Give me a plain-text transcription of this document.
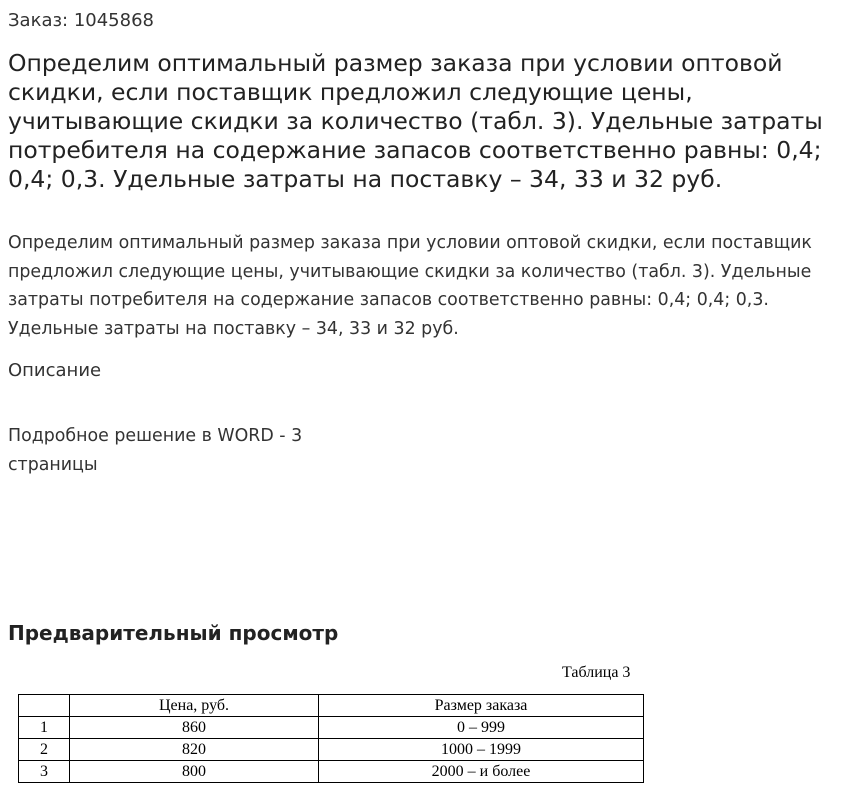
Заказ: 1045868
Определим оптимальный размер заказа при условии оптовой скидки, если поставщик предложил следующие цены, учитывающие скидки за количество (табл. 3). Удельные затраты потребителя на содержание запасов соответственно равны: 0,4; 0,4; 0,3. Удельные затраты на поставку – 34, 33 и 32 руб.

Определим оптимальный размер заказа при условии оптовой скидки, если поставщик предложил следующие цены, учитывающие скидки за количество (табл. 3). Удельные затраты потребителя на содержание запасов соответственно равны: 0,4; 0,4; 0,3. Удельные затраты на поставку – 34, 33 и 32 руб.

Описание
Подробное решение в WORD - 3 страницы
Предварительный просмотр
Таблица 3
	Цена, руб.	Размер заказа
1	860	0 – 999
2	820	1000 – 1999
3	800	2000 – и более
